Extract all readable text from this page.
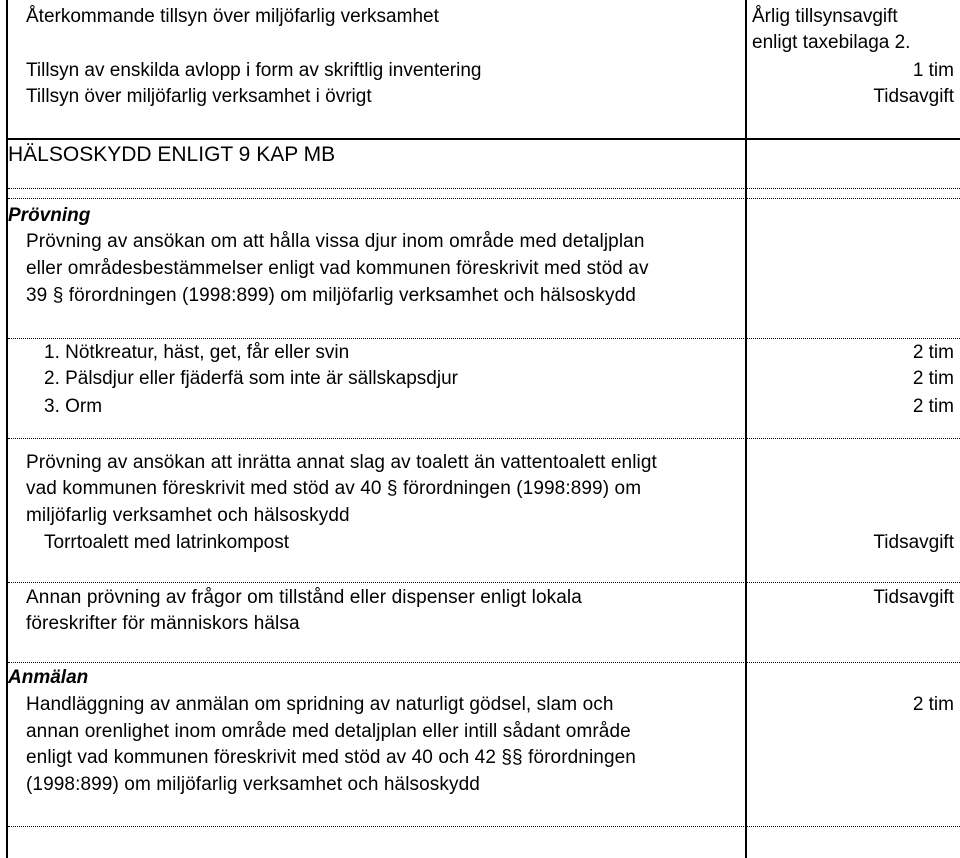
Återkommande tillsyn över miljöfarlig verksamhet	Årlig tillsynsavgift
enligt taxebilaga 2.
Tillsyn av enskilda avlopp i form av skriftlig inventering	1 tim
Tillsyn över miljöfarlig verksamhet i övrigt	Tidsavgift
HÄLSOSKYDD ENLIGT 9 KAP MB
Prövning
Prövning av ansökan om att hålla vissa djur inom område med detaljplan
eller områdesbestämmelser enligt vad kommunen föreskrivit med stöd av
39 § förordningen (1998:899) om miljöfarlig verksamhet och hälsoskydd
1. Nötkreatur, häst, get, får eller svin	2 tim
2. Pälsdjur eller fjäderfä som inte är sällskapsdjur	2 tim
3. Orm	2 tim
Prövning av ansökan att inrätta annat slag av toalett än vattentoalett enligt
vad kommunen föreskrivit med stöd av 40 § förordningen (1998:899) om
miljöfarlig verksamhet och hälsoskydd
Torrtoalett med latrinkompost	Tidsavgift
Annan prövning av frågor om tillstånd eller dispenser enligt lokala	Tidsavgift
föreskrifter för människors hälsa
Anmälan
Handläggning av anmälan om spridning av naturligt gödsel, slam och	2 tim
annan orenlighet inom område med detaljplan eller intill sådant område
enligt vad kommunen föreskrivit med stöd av 40 och 42 §§ förordningen
(1998:899) om miljöfarlig verksamhet och hälsoskydd
